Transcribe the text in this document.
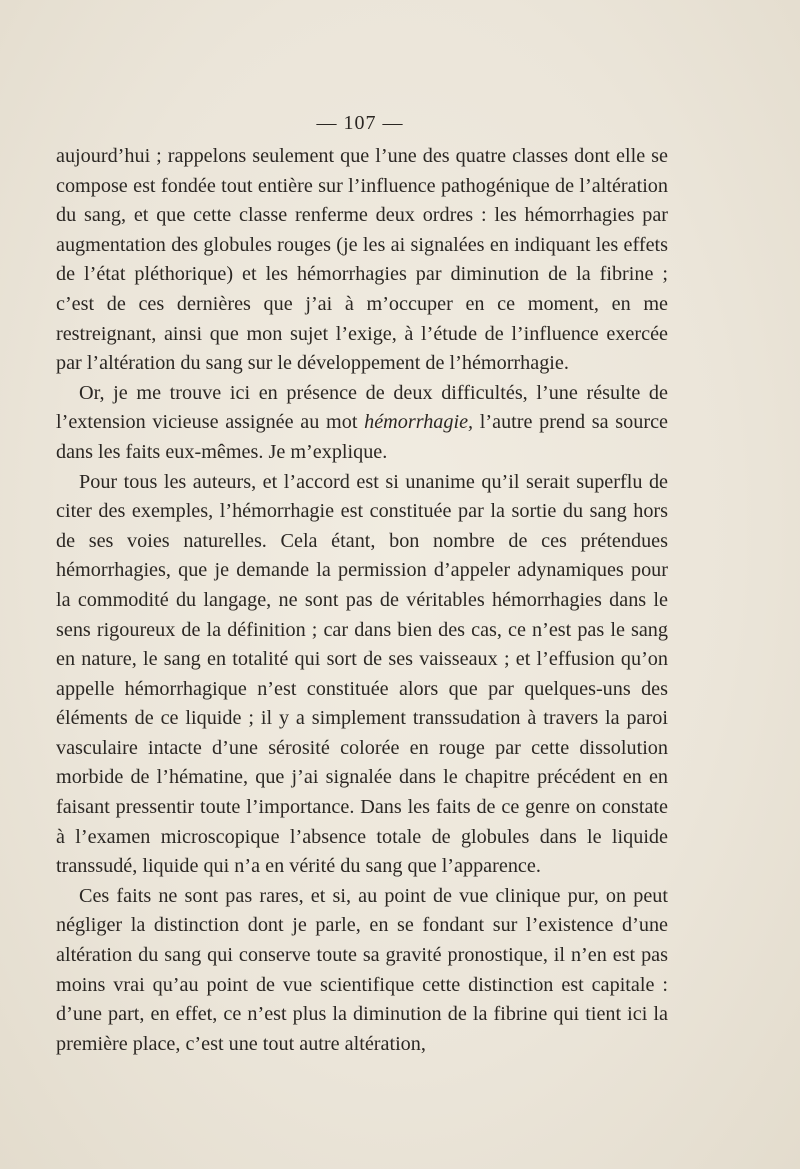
— 107 —

aujourd’hui ; rappelons seulement que l’une des quatre classes dont elle se compose est fondée tout entière sur l’influence pathogénique de l’altération du sang, et que cette classe renferme deux ordres : les hémorrhagies par augmentation des globules rouges (je les ai signalées en indiquant les effets de l’état pléthorique) et les hémorrhagies par diminution de la fibrine ; c’est de ces dernières que j’ai à m’occuper en ce moment, en me restreignant, ainsi que mon sujet l’exige, à l’étude de l’influence exercée par l’altération du sang sur le développement de l’hémorrhagie.

Or, je me trouve ici en présence de deux difficultés, l’une résulte de l’extension vicieuse assignée au mot hémorrhagie, l’autre prend sa source dans les faits eux-mêmes. Je m’explique.

Pour tous les auteurs, et l’accord est si unanime qu’il serait superflu de citer des exemples, l’hémorrhagie est constituée par la sortie du sang hors de ses voies naturelles. Cela étant, bon nombre de ces prétendues hémorrhagies, que je demande la permission d’appeler adynamiques pour la commodité du langage, ne sont pas de véritables hémorrhagies dans le sens rigoureux de la définition ; car dans bien des cas, ce n’est pas le sang en nature, le sang en totalité qui sort de ses vaisseaux ; et l’effusion qu’on appelle hémorrhagique n’est constituée alors que par quelques-uns des éléments de ce liquide ; il y a simplement transsudation à travers la paroi vasculaire intacte d’une sérosité colorée en rouge par cette dissolution morbide de l’hématine, que j’ai signalée dans le chapitre précédent en en faisant pressentir toute l’importance. Dans les faits de ce genre on constate à l’examen microscopique l’absence totale de globules dans le liquide transsudé, liquide qui n’a en vérité du sang que l’apparence.

Ces faits ne sont pas rares, et si, au point de vue clinique pur, on peut négliger la distinction dont je parle, en se fondant sur l’existence d’une altération du sang qui conserve toute sa gravité pronostique, il n’en est pas moins vrai qu’au point de vue scientifique cette distinction est capitale : d’une part, en effet, ce n’est plus la diminution de la fibrine qui tient ici la première place, c’est une tout autre altération,
